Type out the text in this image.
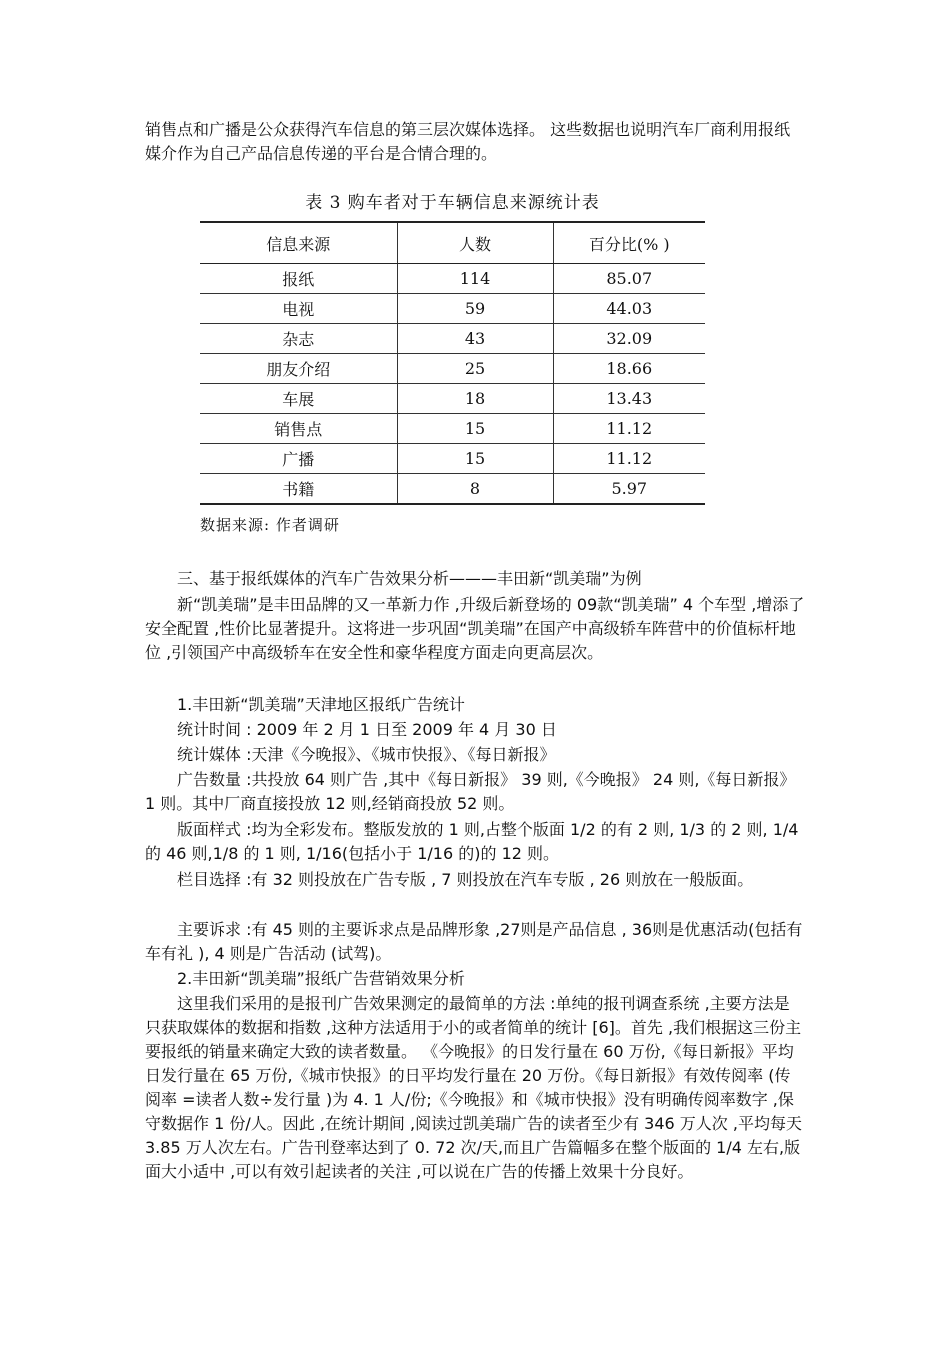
销售点和广播是公众获得汽车信息的第三层次媒体选择。 这些数据也说明汽车厂商利用报纸媒介作为自己产品信息传递的平台是合情合理的。

表 3 购车者对于车辆信息来源统计表
信息来源	人数	百分比(% )
报纸	114	85.07
电视	59	44.03
杂志	43	32.09
朋友介绍	25	18.66
车展	18	13.43
销售点	15	11.12
广播	15	11.12
书籍	8	5.97
数据来源: 作者调研

三、基于报纸媒体的汽车广告效果分析———丰田新“凯美瑞”为例

新“凯美瑞”是丰田品牌的又一革新力作 ,升级后新登场的 09款“凯美瑞” 4 个车型 ,增添了安全配置 ,性价比显著提升。这将进一步巩固“凯美瑞”在国产中高级轿车阵营中的价值标杆地位 ,引领国产中高级轿车在安全性和豪华程度方面走向更高层次。

1.丰田新“凯美瑞”天津地区报纸广告统计

统计时间 : 2009 年 2 月 1 日至 2009 年 4 月 30 日

统计媒体 :天津《今晚报》、《城市快报》、《每日新报》

广告数量 :共投放 64 则广告 ,其中《每日新报》 39 则,《今晚报》 24 则,《每日新报》 1 则。其中厂商直接投放 12 则,经销商投放 52 则。

版面样式 :均为全彩发布。整版发放的 1 则,占整个版面 1/2 的有 2 则, 1/3 的 2 则, 1/4 的 46 则,1/8 的 1 则, 1/16(包括小于 1/16 的)的 12 则。

栏目选择 :有 32 则投放在广告专版 , 7 则投放在汽车专版 , 26 则放在一般版面。

主要诉求 :有 45 则的主要诉求点是品牌形象 ,27则是产品信息 , 36则是优惠活动(包括有车有礼 ), 4 则是广告活动 (试驾)。

2.丰田新“凯美瑞”报纸广告营销效果分析

这里我们采用的是报刊广告效果测定的最简单的方法 :单纯的报刊调查系统 ,主要方法是只获取媒体的数据和指数 ,这种方法适用于小的或者简单的统计 [6]。首先 ,我们根据这三份主要报纸的销量来确定大致的读者数量。 《今晚报》的日发行量在 60 万份,《每日新报》平均日发行量在 65 万份,《城市快报》的日平均发行量在 20 万份。《每日新报》有效传阅率 (传阅率 =读者人数÷发行量 )为 4. 1 人/份;《今晚报》和《城市快报》没有明确传阅率数字 ,保守数据作 1 份/人。因此 ,在统计期间 ,阅读过凯美瑞广告的读者至少有 346 万人次 ,平均每天 3.85 万人次左右。广告刊登率达到了 0. 72 次/天,而且广告篇幅多在整个版面的 1/4 左右,版面大小适中 ,可以有效引起读者的关注 ,可以说在广告的传播上效果十分良好。
